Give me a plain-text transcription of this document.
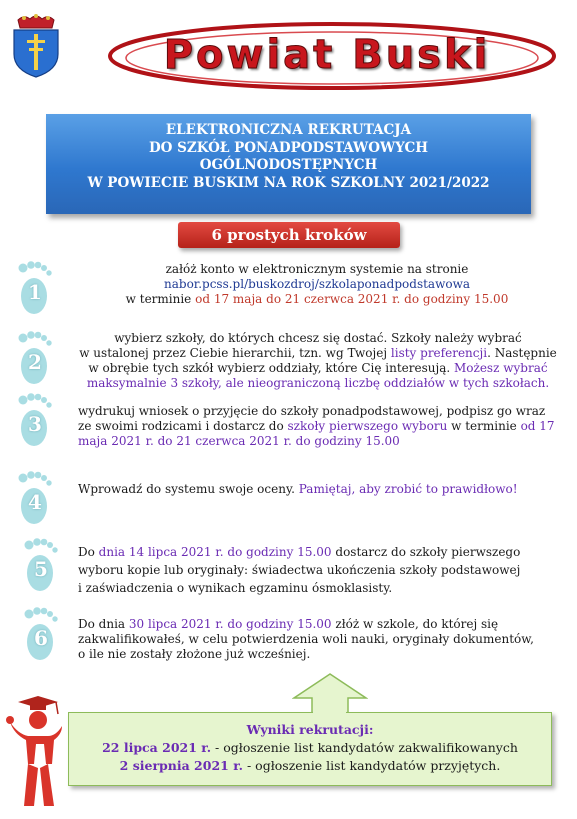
Powiat Buski
ELEKTRONICZNA REKRUTACJA
DO SZKÓŁ PONADPODSTAWOWYCH
OGÓLNODOSTĘPNYCH
W POWIECIE BUSKIM NA ROK SZKOLNY 2021/2022
6 prostych kroków
1
2
3
4
5
6
załóż konto w elektronicznym systemie na stronie
nabor.pcss.pl/buskozdroj/szkolaponadpodstawowa
w terminie od 17 maja do 21 czerwca 2021 r. do godziny 15.00
wybierz szkoły, do których chcesz się dostać. Szkoły należy wybrać
w ustalonej przez Ciebie hierarchii, tzn. wg Twojej listy preferencji. Następnie
w obrębie tych szkół wybierz oddziały, które Cię interesują. Możesz wybrać
maksymalnie 3 szkoły, ale nieograniczoną liczbę oddziałów w tych szkołach.
wydrukuj wniosek o przyjęcie do szkoły ponadpodstawowej, podpisz go wraz
ze swoimi rodzicami i dostarcz do szkoły pierwszego wyboru w terminie od 17
maja 2021 r. do 21 czerwca 2021 r. do godziny 15.00
Wprowadź do systemu swoje oceny. Pamiętaj, aby zrobić to prawidłowo!
Do dnia 14 lipca 2021 r. do godziny 15.00 dostarcz do szkoły pierwszego
wyboru kopie lub oryginały: świadectwa ukończenia szkoły podstawowej
i zaświadczenia o wynikach egzaminu ósmoklasisty.
Do dnia 30 lipca 2021 r. do godziny 15.00 złóż w szkole, do której się
zakwalifikowałeś, w celu potwierdzenia woli nauki, oryginały dokumentów,
o ile nie zostały złożone już wcześniej.
Wyniki rekrutacji:
22 lipca 2021 r. - ogłoszenie list kandydatów zakwalifikowanych
2 sierpnia 2021 r. - ogłoszenie list kandydatów przyjętych.
